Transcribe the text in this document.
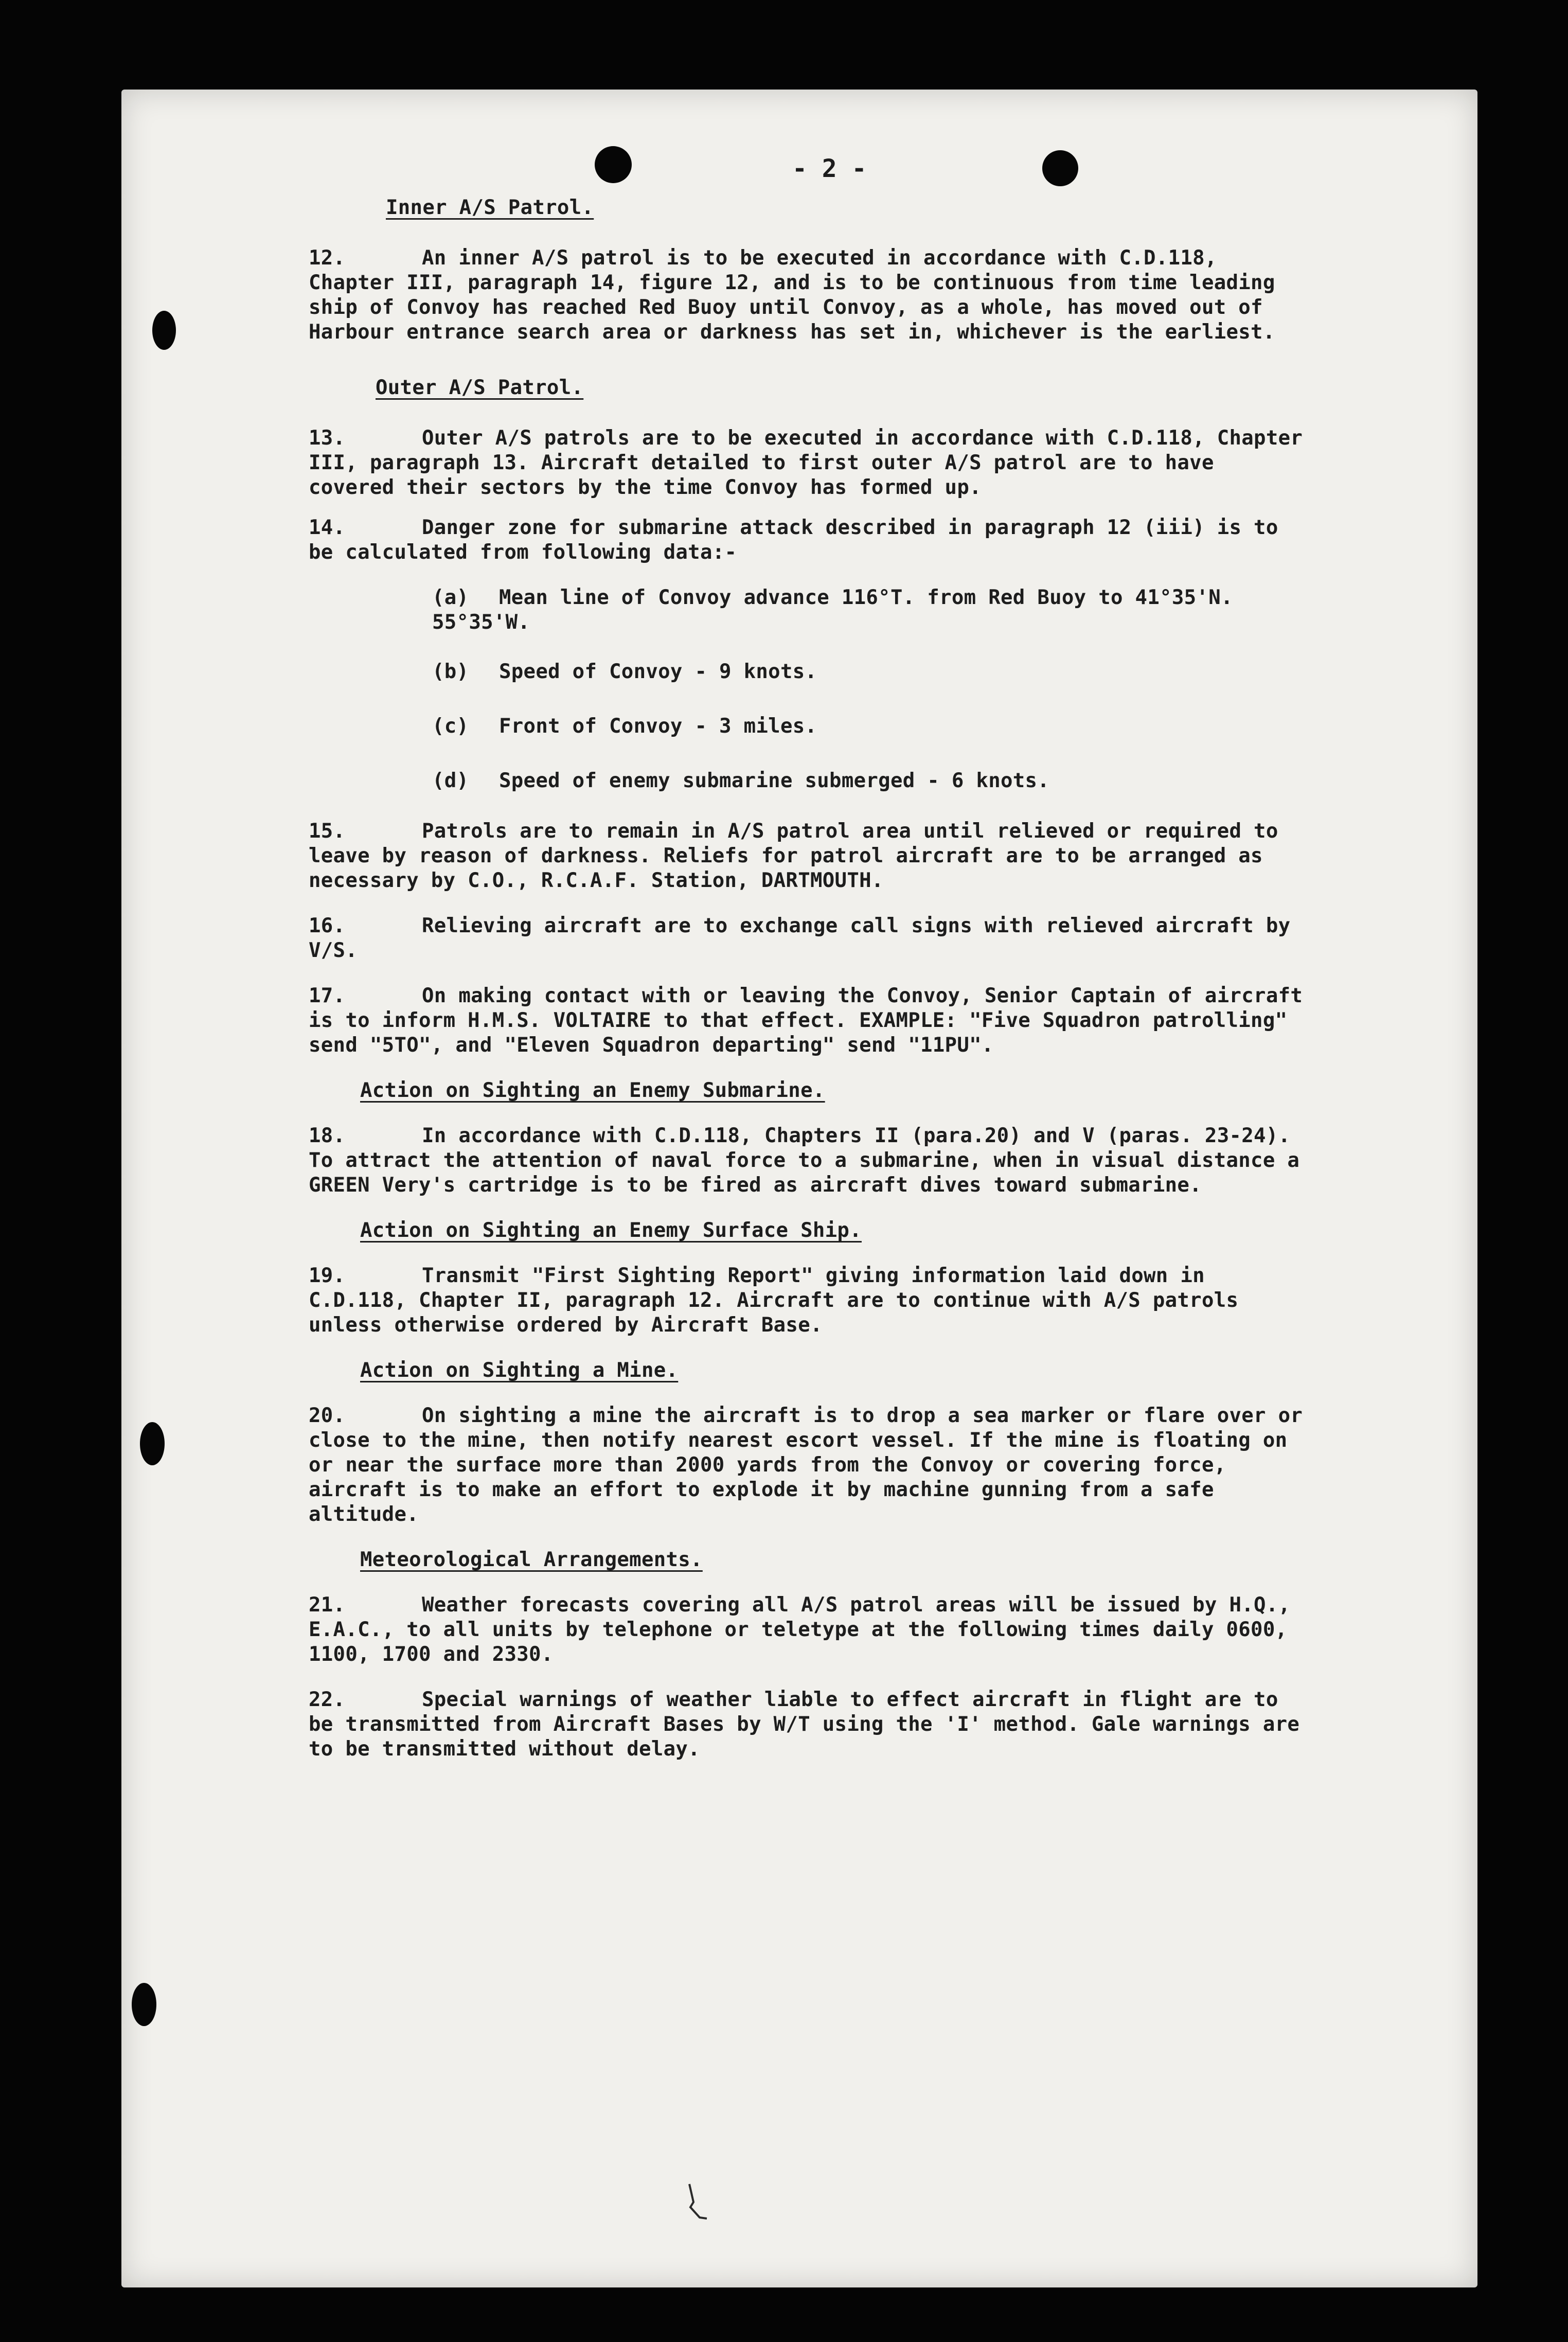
- 2 -

Inner A/S Patrol.

12.	An inner A/S patrol is to be executed in accordance with C.D.118, Chapter III, paragraph 14, figure 12, and is to be continuous from time leading ship of Convoy has reached Red Buoy until Convoy, as a whole, has moved out of Harbour entrance search area or darkness has set in, whichever is the earliest.

Outer A/S Patrol.

13.	Outer A/S patrols are to be executed in accordance with C.D.118, Chapter III, paragraph 13. Aircraft detailed to first outer A/S patrol are to have covered their sectors by the time Convoy has formed up.

14.	Danger zone for submarine attack described in paragraph 12 (iii) is to be calculated from following data:-

(a) Mean line of Convoy advance 116°T. from Red Buoy to 41°35'N. 55°35'W.

(b) Speed of Convoy - 9 knots.

(c) Front of Convoy - 3 miles.

(d) Speed of enemy submarine submerged - 6 knots.

15.	Patrols are to remain in A/S patrol area until relieved or required to leave by reason of darkness. Reliefs for patrol aircraft are to be arranged as necessary by C.O., R.C.A.F. Station, DARTMOUTH.

16.	Relieving aircraft are to exchange call signs with relieved aircraft by V/S.

17.	On making contact with or leaving the Convoy, Senior Captain of aircraft is to inform H.M.S. VOLTAIRE to that effect. EXAMPLE: "Five Squadron patrolling" send "5TO", and "Eleven Squadron departing" send "11PU".

Action on Sighting an Enemy Submarine.

18.	In accordance with C.D.118, Chapters II (para.20) and V (paras. 23-24). To attract the attention of naval force to a submarine, when in visual distance a GREEN Very's cartridge is to be fired as aircraft dives toward submarine.

Action on Sighting an Enemy Surface Ship.

19.	Transmit "First Sighting Report" giving information laid down in C.D.118, Chapter II, paragraph 12. Aircraft are to continue with A/S patrols unless otherwise ordered by Aircraft Base.

Action on Sighting a Mine.

20.	On sighting a mine the aircraft is to drop a sea marker or flare over or close to the mine, then notify nearest escort vessel. If the mine is floating on or near the surface more than 2000 yards from the Convoy or covering force, aircraft is to make an effort to explode it by machine gunning from a safe altitude.

Meteorological Arrangements.

21.	Weather forecasts covering all A/S patrol areas will be issued by H.Q., E.A.C., to all units by telephone or teletype at the following times daily 0600, 1100, 1700 and 2330.

22.	Special warnings of weather liable to effect aircraft in flight are to be transmitted from Aircraft Bases by W/T using the 'I' method. Gale warnings are to be transmitted without delay.
